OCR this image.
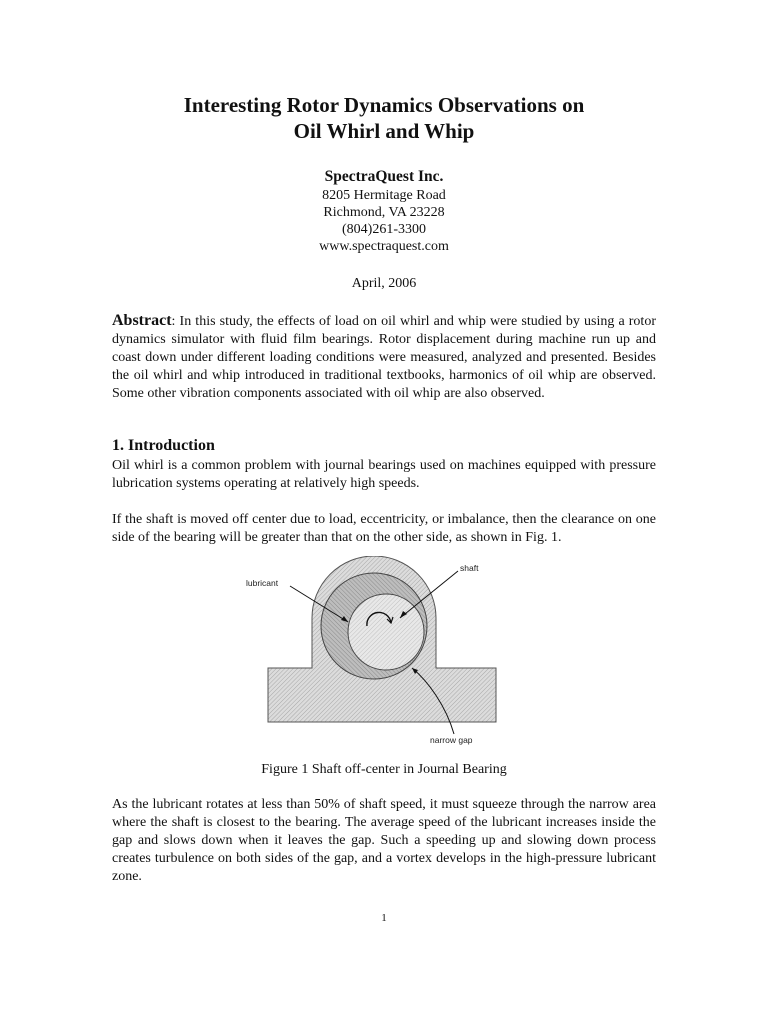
Interesting Rotor Dynamics Observations on
Oil Whirl and Whip
SpectraQuest Inc.
8205 Hermitage Road
Richmond, VA 23228
(804)261-3300
www.spectraquest.com
April, 2006
Abstract: In this study, the effects of load on oil whirl and whip were studied by using a rotor dynamics simulator with fluid film bearings. Rotor displacement during machine run up and coast down under different loading conditions were measured, analyzed and presented. Besides the oil whirl and whip introduced in traditional textbooks, harmonics of oil whip are observed. Some other vibration components associated with oil whip are also observed.
1. Introduction
Oil whirl is a common problem with journal bearings used on machines equipped with pressure lubrication systems operating at relatively high speeds.
If the shaft is moved off center due to load, eccentricity, or imbalance, then the clearance on one side of the bearing will be greater than that on the other side, as shown in Fig. 1.
lubricant
shaft
narrow gap
Figure 1 Shaft off-center in Journal Bearing
As the lubricant rotates at less than 50% of shaft speed, it must squeeze through the narrow area where the shaft is closest to the bearing. The average speed of the lubricant increases inside the gap and slows down when it leaves the gap. Such a speeding up and slowing down process creates turbulence on both sides of the gap, and a vortex develops in the high-pressure lubricant zone.
1
